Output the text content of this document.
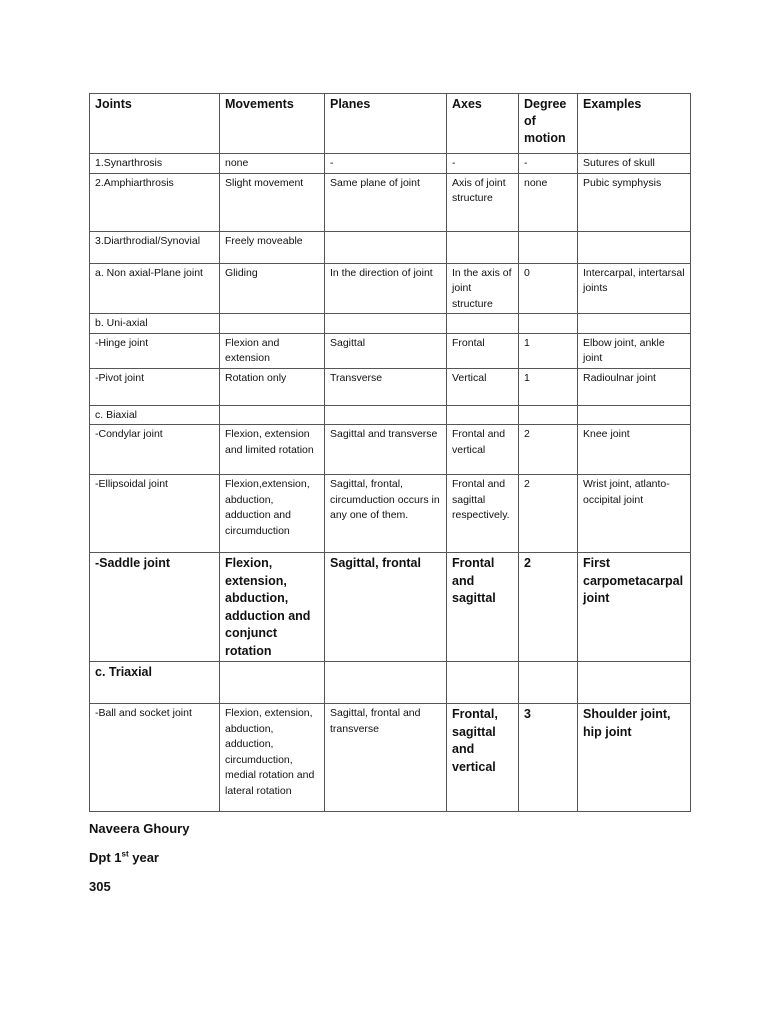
Joints	Movements	Planes	Axes	Degree of motion	Examples
1.Synarthrosis	none	-	-	-	Sutures of skull
2.Amphiarthrosis	Slight movement	Same plane of joint	Axis of joint structure	none	Pubic symphysis
3.Diarthrodial/Synovial	Freely moveable				
a. Non axial-Plane joint	Gliding	In the direction of joint	In the axis of joint structure	0	Intercarpal, intertarsal joints
b. Uni-axial					
-Hinge joint	Flexion and extension	Sagittal	Frontal	1	Elbow joint, ankle joint
-Pivot joint	Rotation only	Transverse	Vertical	1	Radioulnar joint
c. Biaxial					
-Condylar joint	Flexion, extension and limited rotation	Sagittal and transverse	Frontal and vertical	2	Knee joint
-Ellipsoidal joint	Flexion,extension, abduction, adduction and circumduction	Sagittal, frontal, circumduction occurs in any one of them.	Frontal and sagittal respectively.	2	Wrist joint, atlanto-occipital joint
-Saddle joint	Flexion, extension, abduction, adduction and conjunct rotation	Sagittal, frontal	Frontal and sagittal	2	First carpometacarpal joint
c. Triaxial					
-Ball and socket joint	Flexion, extension, abduction, adduction, circumduction, medial rotation and lateral rotation	Sagittal, frontal and transverse	Frontal, sagittal and vertical	3	Shoulder joint, hip joint
Naveera Ghoury
Dpt 1st year
305
